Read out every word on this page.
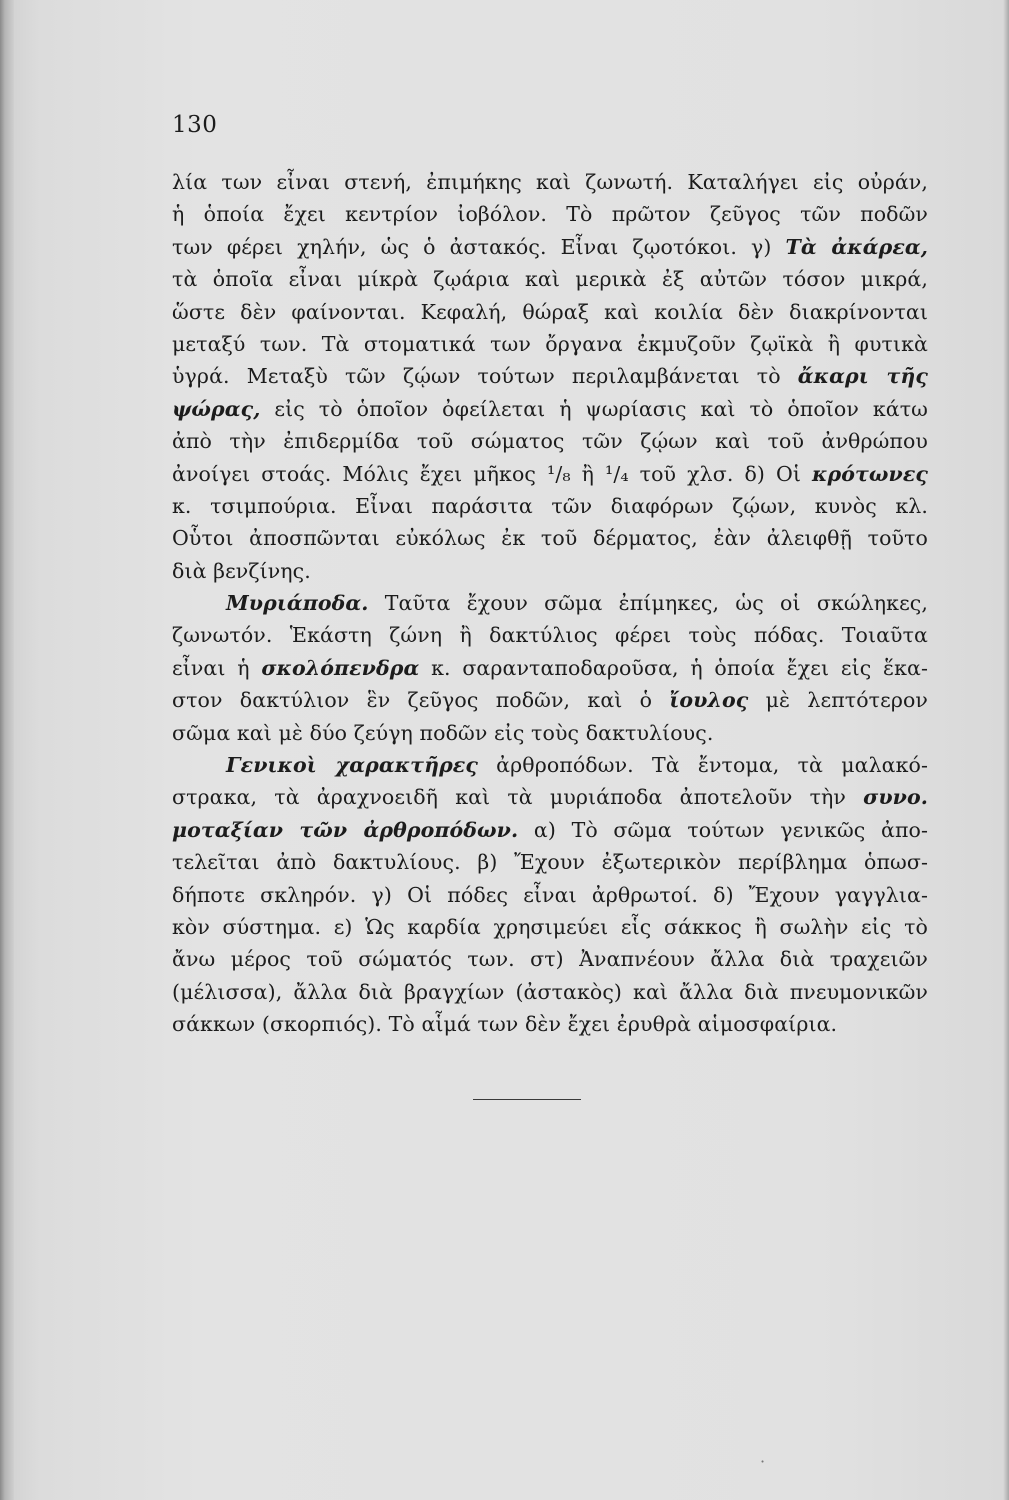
130
λία των εἶναι στενή, ἐπιμήκης καὶ ζωνωτή. Καταλήγει εἰς οὐράν,
ἡ ὁποία ἔχει κεντρίον ἰοβόλον. Τὸ πρῶτον ζεῦγος τῶν ποδῶν
των φέρει χηλήν, ὡς ὁ ἀστακός. Εἶναι ζῳοτόκοι. γ) Τὰ ἀκάρεα,
τὰ ὁποῖα εἶναι μίκρὰ ζῳάρια καὶ μερικὰ ἐξ αὐτῶν τόσον μικρά,
ὥστε δὲν φαίνονται. Κεφαλή, θώραξ καὶ κοιλία δὲν διακρίνονται
μεταξύ των. Τὰ στοματικά των ὄργανα ἐκμυζοῦν ζῳϊκὰ ἢ φυτικὰ
ὑγρά. Μεταξὺ τῶν ζῴων τούτων περιλαμβάνεται τὸ ἄκαρι τῆς
ψώρας, εἰς τὸ ὁποῖον ὀφείλεται ἡ ψωρίασις καὶ τὸ ὁποῖον κάτω
ἀπὸ τὴν ἐπιδερμίδα τοῦ σώματος τῶν ζῴων καὶ τοῦ ἀνθρώπου
ἀνοίγει στοάς. Μόλις ἔχει μῆκος ¹/₈ ἢ ¹/₄ τοῦ χλσ. δ) Οἱ κρότωνες
κ. τσιμπούρια. Εἶναι παράσιτα τῶν διαφόρων ζῴων, κυνὸς κλ.
Οὗτοι ἀποσπῶνται εὐκόλως ἐκ τοῦ δέρματος, ἐὰν ἀλειφθῇ τοῦτο
διὰ βενζίνης.
Μυριάποδα. Ταῦτα ἔχουν σῶμα ἐπίμηκες, ὡς οἱ σκώληκες,
ζωνωτόν. Ἑκάστη ζώνη ἢ δακτύλιος φέρει τοὺς πόδας. Τοιαῦτα
εἶναι ἡ σκολόπενδρα κ. σαρανταποδαροῦσα, ἡ ὁποία ἔχει εἰς ἕκα-
στον δακτύλιον ἓν ζεῦγος ποδῶν, καὶ ὁ ἴουλος μὲ λεπτότερον
σῶμα καὶ μὲ δύο ζεύγη ποδῶν εἰς τοὺς δακτυλίους.
Γενικοὶ χαρακτῆρες ἀρθροπόδων. Τὰ ἔντομα, τὰ μαλακό-
στρακα, τὰ ἀραχνοειδῆ καὶ τὰ μυριάποδα ἀποτελοῦν τὴν συνο.
μοταξίαν τῶν ἀρθροπόδων. α) Τὸ σῶμα τούτων γενικῶς ἀπο-
τελεῖται ἀπὸ δακτυλίους. β) Ἔχουν ἐξωτερικὸν περίβλημα ὁπωσ-
δήποτε σκληρόν. γ) Οἱ πόδες εἶναι ἀρθρωτοί. δ) Ἔχουν γαγγλια-
κὸν σύστημα. ε) Ὡς καρδία χρησιμεύει εἷς σάκκος ἢ σωλὴν εἰς τὸ
ἄνω μέρος τοῦ σώματός των. στ) Ἀναπνέουν ἄλλα διὰ τραχειῶν
(μέλισσα), ἄλλα διὰ βραγχίων (ἀστακὸς) καὶ ἄλλα διὰ πνευμονικῶν
σάκκων (σκορπιός). Τὸ αἷμά των δὲν ἔχει ἐρυθρὰ αἱμοσφαίρια.
·
